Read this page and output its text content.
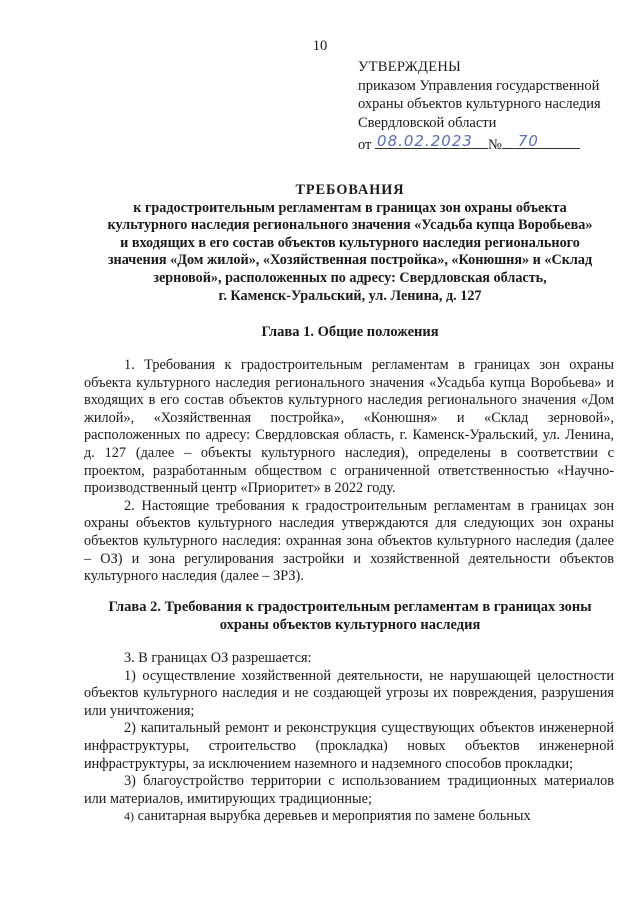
10
УТВЕРЖДЕНЫ
приказом Управления государственной
охраны объектов культурного наследия
Свердловской области
от 08.02.2023 № 70
ТРЕБОВАНИЯ
к градостроительным регламентам в границах зон охраны объекта
культурного наследия регионального значения «Усадьба купца Воробьева»
и входящих в его состав объектов культурного наследия регионального
значения «Дом жилой», «Хозяйственная постройка», «Конюшня» и «Склад
зерновой», расположенных по адресу: Свердловская область,
г. Каменск-Уральский, ул. Ленина, д. 127
Глава 1. Общие положения

1. Требования к градостроительным регламентам в границах зон охраны объекта культурного наследия регионального значения «Усадьба купца Воробьева» и входящих в его состав объектов культурного наследия регионального значения «Дом жилой», «Хозяйственная постройка», «Конюшня» и «Склад зерновой», расположенных по адресу: Свердловская область, г. Каменск-Уральский, ул. Ленина, д. 127 (далее – объекты культурного наследия), определены в соответствии с проектом, разработанным обществом с ограниченной ответственностью «Научно-производственный центр «Приоритет» в 2022 году.

2. Настоящие требования к градостроительным регламентам в границах зон охраны объектов культурного наследия утверждаются для следующих зон охраны объектов культурного наследия: охранная зона объектов культурного наследия (далее – ОЗ) и зона регулирования застройки и хозяйственной деятельности объектов культурного наследия (далее – ЗРЗ).

Глава 2. Требования к градостроительным регламентам в границах зоны
охраны объектов культурного наследия

3. В границах ОЗ разрешается:

1) осуществление хозяйственной деятельности, не нарушающей целостности объектов культурного наследия и не создающей угрозы их повреждения, разрушения или уничтожения;

2) капитальный ремонт и реконструкция существующих объектов инженерной инфраструктуры, строительство (прокладка) новых объектов инженерной инфраструктуры, за исключением наземного и надземного способов прокладки;

3) благоустройство территории с использованием традиционных материалов или материалов, имитирующих традиционные;

4) санитарная вырубка деревьев и мероприятия по замене больных
